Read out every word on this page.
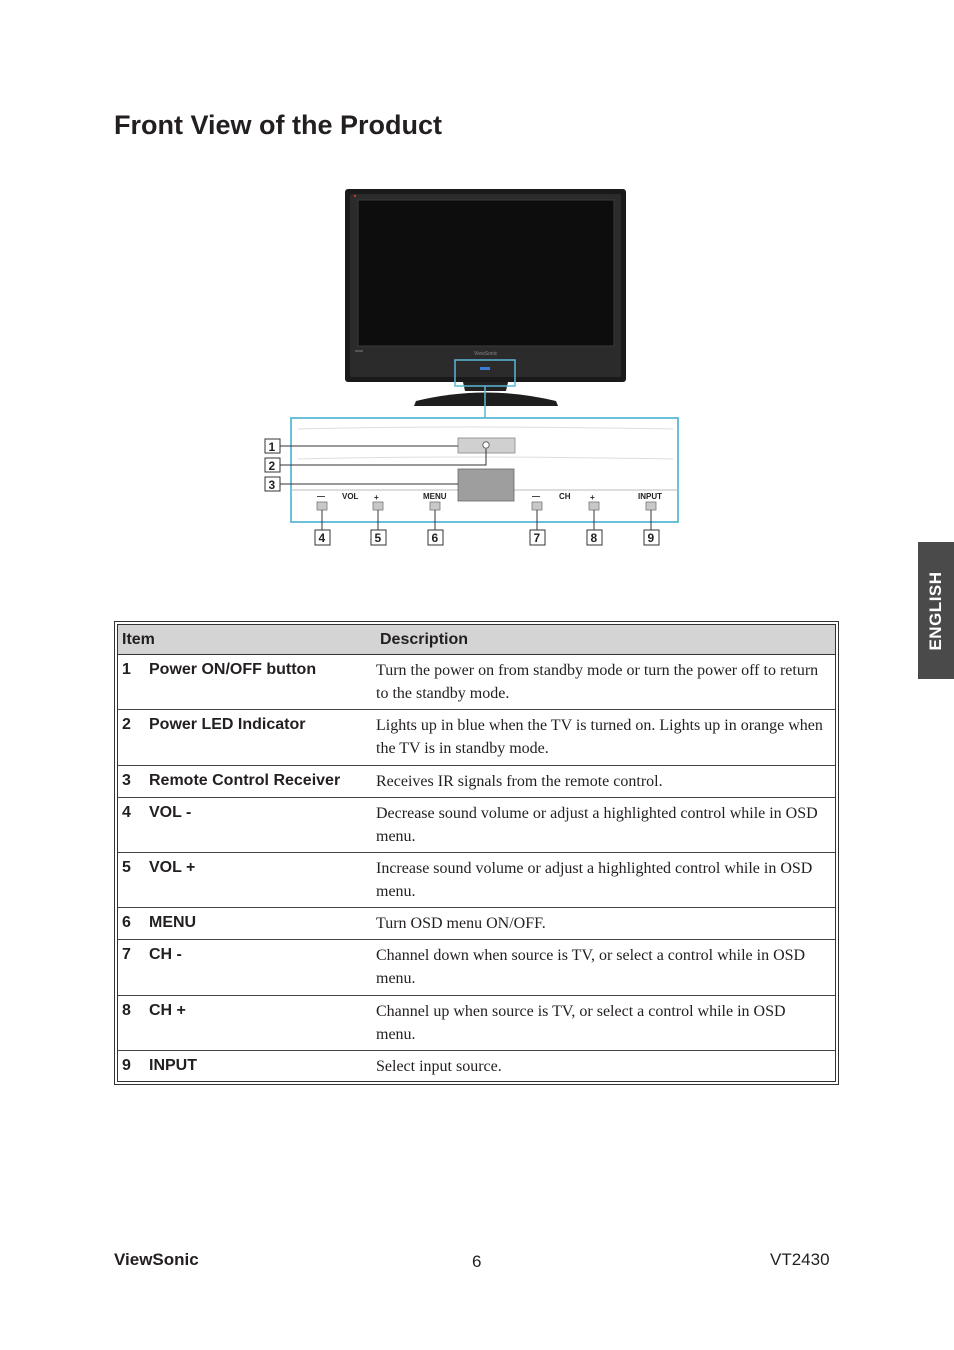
Front View of the Product
ViewSonic
1
2
3
— VOL +	MENU	— CH +	INPUT
4	5	6	7	8	9
ENGLISH
Item	Description
1	Power ON/OFF button	Turn the power on from standby mode or turn the power off to return to the standby mode.
2	Power LED Indicator	Lights up in blue when the TV is turned on. Lights up in orange when the TV is in standby mode.
3	Remote Control Receiver	Receives IR signals from the remote control.
4	VOL -	Decrease sound volume or adjust a highlighted control while in OSD menu.
5	VOL +	Increase sound volume or adjust a highlighted control while in OSD menu.
6	MENU	Turn OSD menu ON/OFF.
7	CH -	Channel down when source is TV, or select a control while in OSD menu.
8	CH +	Channel up when source is TV, or select a control while in OSD menu.
9	INPUT	Select input source.
ViewSonic	6	VT2430
